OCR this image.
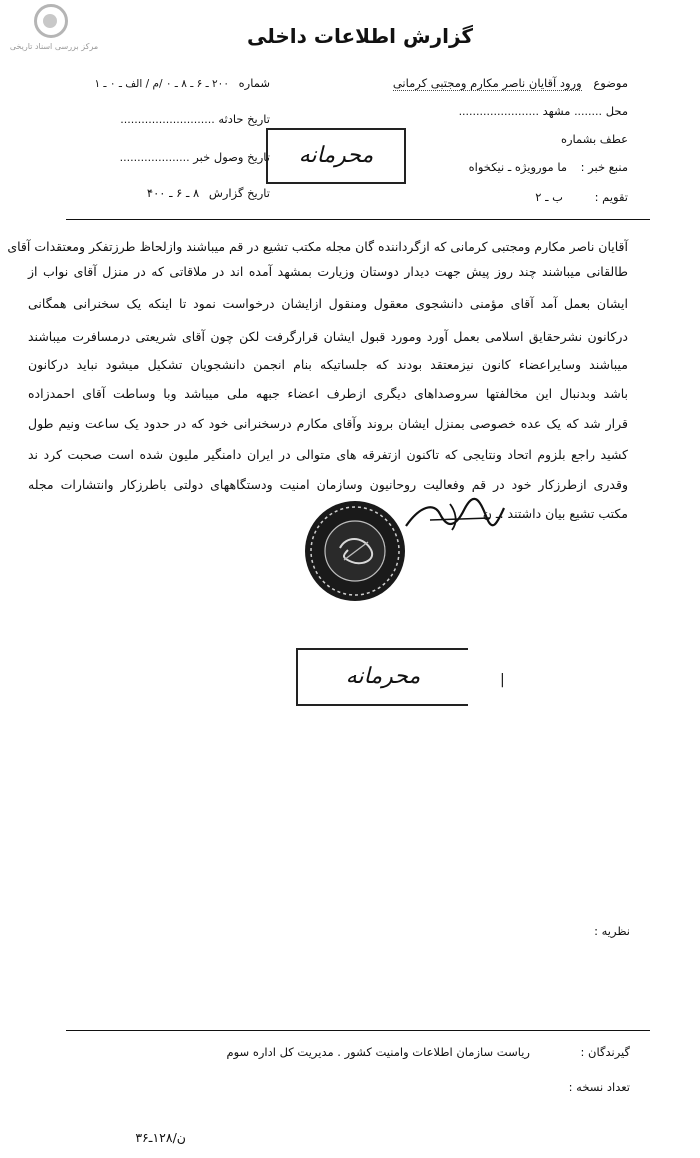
مرکز بررسی اسناد تاریخی	گزارش اطلاعات داخلی
موضوع ورود آقایان ناصر مکارم ومجتبی کرمانی
محل ........ مشهد .......................
عطف بشماره
منبع خبر : ما مورویژه ـ نیکخواه
تقویم : ب ـ ۲
شماره ۲۰۰ ـ ۶ ـ ۸ ـ ۰ /م / الف ـ ۰ ـ ۱
تاریخ حادثه ...........................
تاریخ وصول خبر ....................
تاریخ گزارش ۸ ـ ۶ ـ ۴۰۰
محرمانه
آقایان ناصر مکارم ومجتبی کرمانی که ازگرداننده گان مجله مکتب تشیع در قم میباشند وازلحاظ طرزتفکر ومعتقدات آقای
طالقانی میباشند چند روز پیش جهت دیدار دوستان وزیارت بمشهد آمده اند در ملاقاتی که در منزل آقای نواب از
ایشان بعمل آمد آقای مؤمنی دانشجوی معقول ومنقول ازایشان درخواست نمود تا اینکه یک سخنرانی همگانی
درکانون نشرحقایق اسلامی بعمل آورد ومورد قبول ایشان قرارگرفت لکن چون آقای شریعتی درمسافرت میباشند
میباشند وسایراعضاء کانون نیزمعتقد بودند که جلساتیکه بنام انجمن دانشجویان تشکیل میشود نباید درکانون
باشد وبدنبال این مخالفتها سروصداهای دیگری ازطرف اعضاء جبهه ملی میباشد وبا وساطت آقای احمدزاده
قرار شد که یک عده خصوصی بمنزل ایشان بروند وآقای مکارم درسخنرانی خود که در حدود یک ساعت ونیم طول
کشید راجع بلزوم اتحاد ونتایجی که تاکنون ازتفرقه های متوالی در ایران دامنگیر ملیون شده است صحبت کرد ند
وقدری ازطرزکار خود در قم وفعالیت روحانیون وسازمان امنیت ودستگاههای دولتی باطرزکار وانتشارات مجله
مکتب تشیع بیان داشتند .ـ ن
محرمانه	|
نظریه :
گیرندگان :
ریاست سازمان اطلاعات وامنیت کشور . مدیریت کل اداره سوم
تعداد نسخه :
ن/۱۲۸ـ۳۶
